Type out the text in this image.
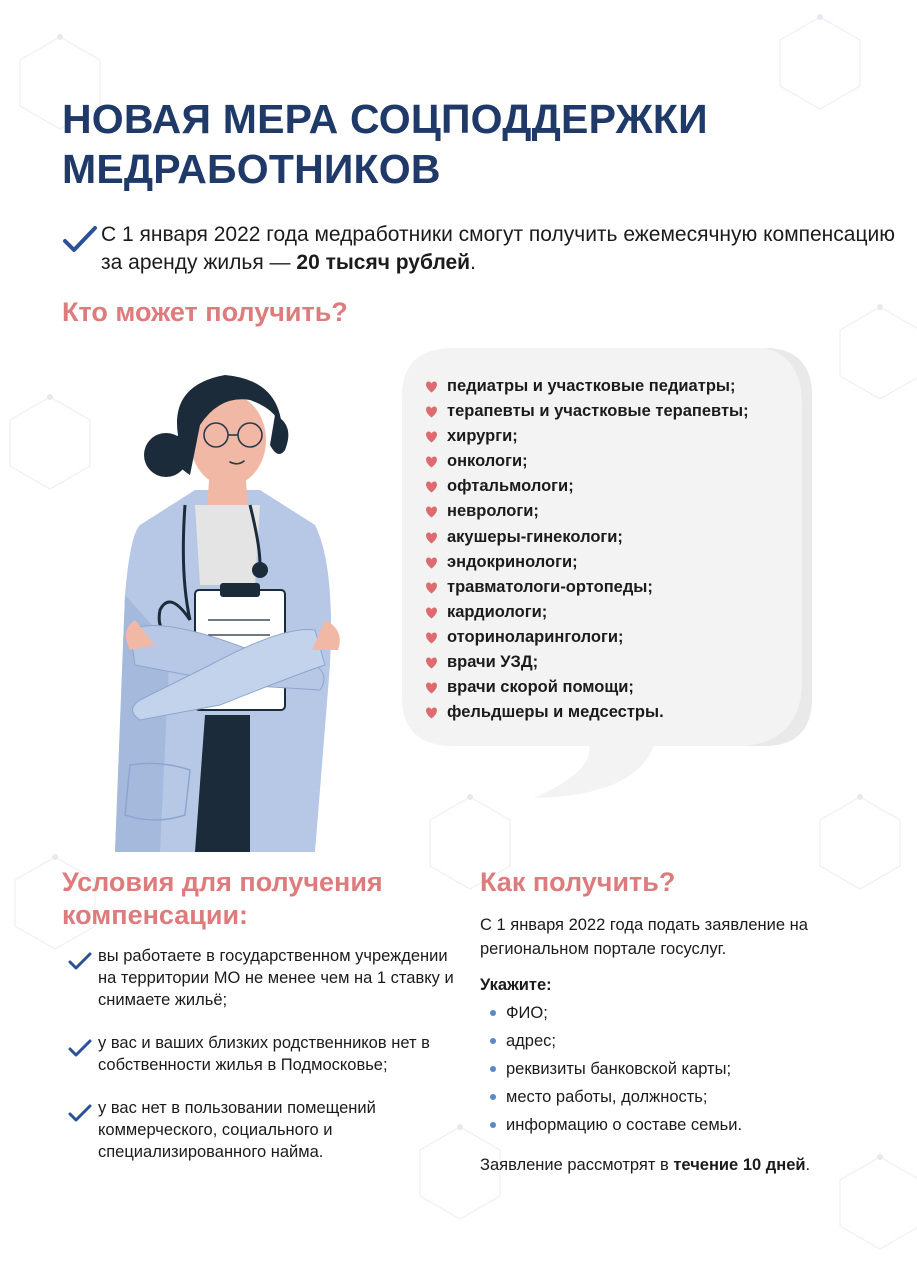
НОВАЯ МЕРА СОЦПОДДЕРЖКИ
МЕДРАБОТНИКОВ
С 1 января 2022 года медработники смогут получить ежемесячную компенсацию за аренду жилья — 20 тысяч рублей.
Кто может получить?
педиатры и участковые педиатры;
терапевты и участковые терапевты;
хирурги;
онкологи;
офтальмологи;
неврологи;
акушеры-гинекологи;
эндокринологи;
травматологи-ортопеды;
кардиологи;
оториноларингологи;
врачи УЗД;
врачи скорой помощи;
фельдшеры и медсестры.
Условия для получения
компенсации:
вы работаете в государственном учреждении на территории МО не менее чем на 1 ставку и снимаете жильё;
у вас и ваших близких родственников нет в собственности жилья в Подмосковье;
у вас нет в пользовании помещений коммерческого, социального и специализированного найма.
Как получить?
С 1 января 2022 года подать заявление на региональном портале госуслуг.
Укажите:
ФИО;
адрес;
реквизиты банковской карты;
место работы, должность;
информацию о составе семьи.
Заявление рассмотрят в течение 10 дней.
